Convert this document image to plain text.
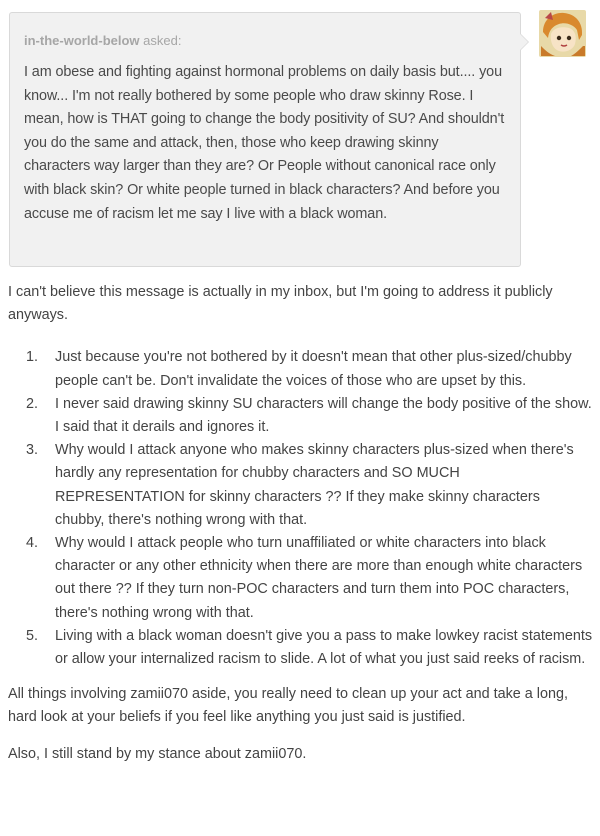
in-the-world-below asked:

I am obese and fighting against hormonal problems on daily basis but.... you know... I'm not really bothered by some people who draw skinny Rose. I mean, how is THAT going to change the body positivity of SU? And shouldn't you do the same and attack, then, those who keep drawing skinny characters way larger than they are? Or People without canonical race only with black skin? Or white people turned in black characters? And before you accuse me of racism let me say I live with a black woman.

I can't believe this message is actually in my inbox, but I'm going to address it publicly anyways.

1.	Just because you're not bothered by it doesn't mean that other plus-sized/chubby people can't be. Don't invalidate the voices of those who are upset by this.
2.	I never said drawing skinny SU characters will change the body positive of the show. I said that it derails and ignores it.
3.	Why would I attack anyone who makes skinny characters plus-sized when there's hardly any representation for chubby characters and SO MUCH REPRESENTATION for skinny characters ?? If they make skinny characters chubby, there's nothing wrong with that.
4.	Why would I attack people who turn unaffiliated or white characters into black character or any other ethnicity when there are more than enough white characters out there ?? If they turn non-POC characters and turn them into POC characters, there's nothing wrong with that.
5.	Living with a black woman doesn't give you a pass to make lowkey racist statements or allow your internalized racism to slide. A lot of what you just said reeks of racism.

All things involving zamii070 aside, you really need to clean up your act and take a long, hard look at your beliefs if you feel like anything you just said is justified.

Also, I still stand by my stance about zamii070.
